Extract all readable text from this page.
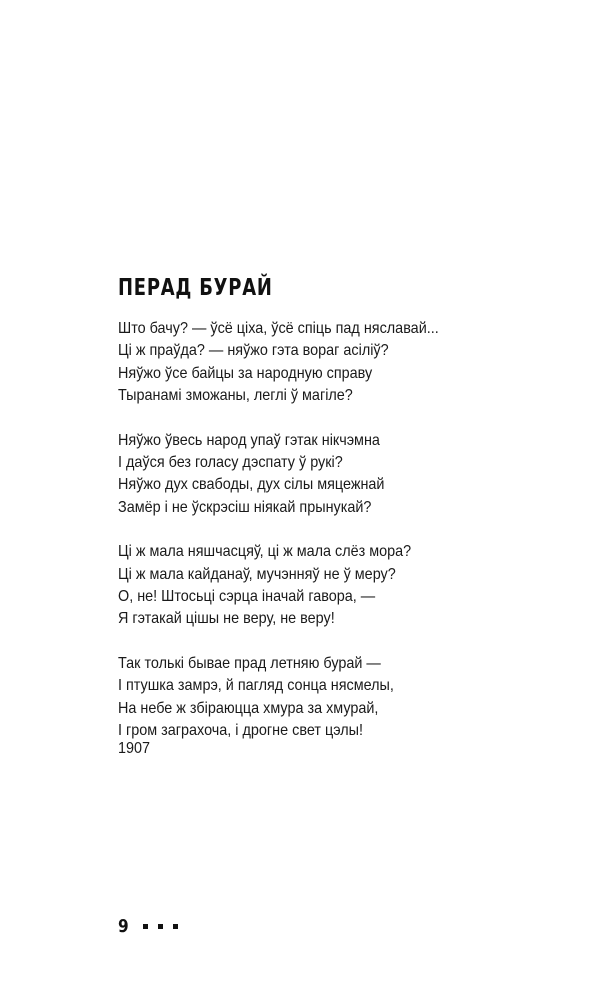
ПЕРАД БУРАЙ
Што бачу? — ўсё ціха, ўсё спіць пад няславай...
Ці ж праўда? — няўжо гэта вораг асіліў?
Няўжо ўсе байцы за народную справу
Тыранамі зможаны, леглі ў магіле?
Няўжо ўвесь народ упаў гэтак нікчэмна
І даўся без голасу дэспату ў рукі?
Няўжо дух свабоды, дух сілы мяцежнай
Замёр і не ўскрэсіш ніякай прынукай?
Ці ж мала няшчасцяў, ці ж мала слёз мора?
Ці ж мала кайданаў, мучэнняў не ў меру?
О, не! Штосьці сэрца іначай гавора, —
Я гэтакай цішы не веру, не веру!
Так толькі бывае прад летняю бурай —
І птушка замрэ, й пагляд сонца нясмелы,
На небе ж збіраюцца хмура за хмурай,
І гром заграхоча, і дрогне свет цэлы!
1907
9
